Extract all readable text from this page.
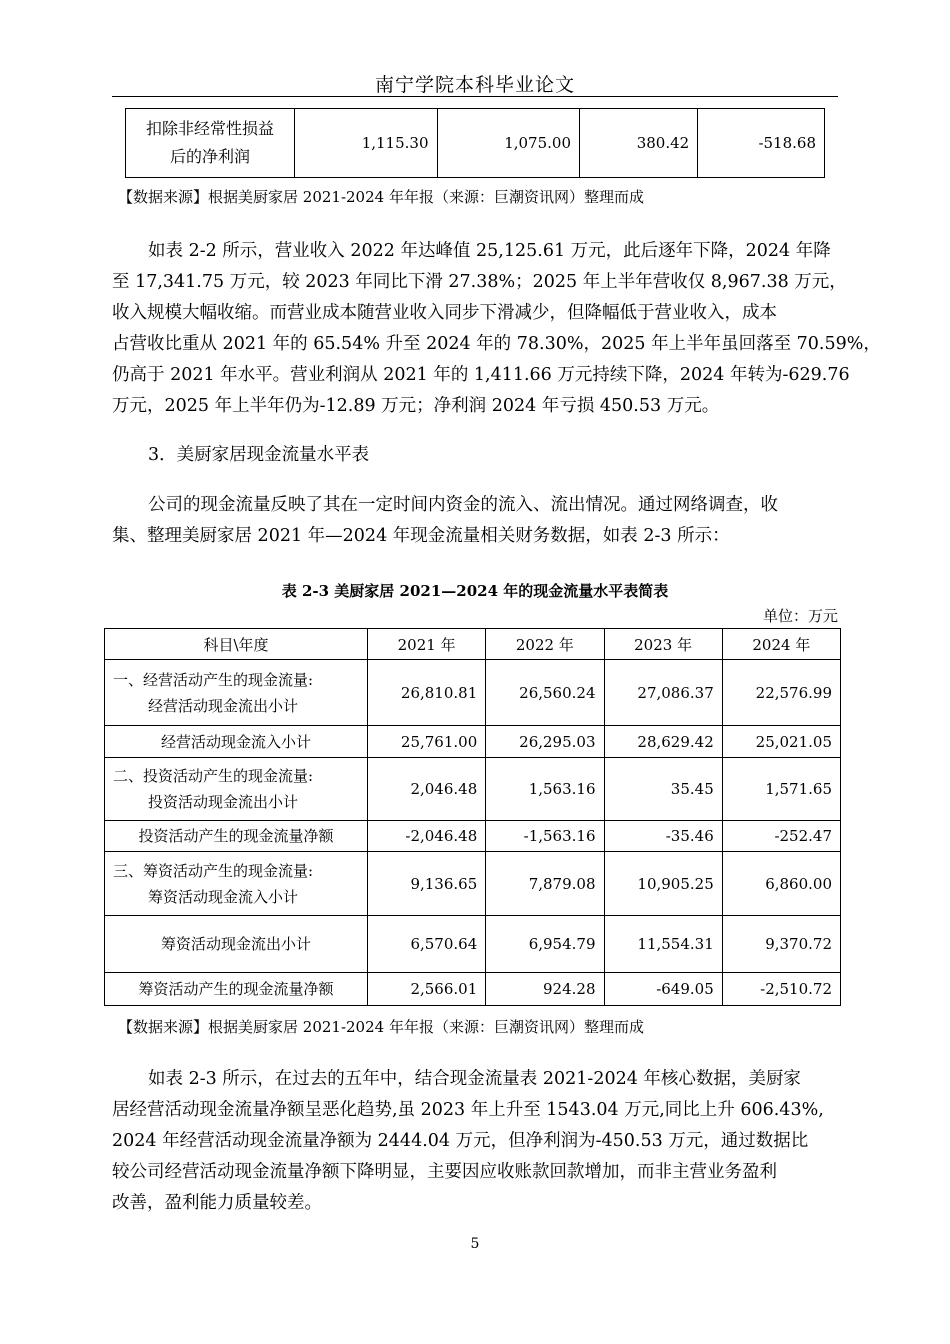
南宁学院本科毕业论文
扣除非经常性损益
后的净利润	1,115.30	1,075.00	380.42	-518.68
【数据来源】根据美厨家居 2021-2024 年年报（来源：巨潮资讯网）整理而成
如表 2-2 所示，营业收入 2022 年达峰值 25,125.61 万元，此后逐年下降，2024 年降
至 17,341.75 万元，较 2023 年同比下滑 27.38%；2025 年上半年营收仅 8,967.38 万元，
收入规模大幅收缩。而营业成本随营业收入同步下滑减少，但降幅低于营业收入，成本
占营收比重从 2021 年的 65.54% 升至 2024 年的 78.30%，2025 年上半年虽回落至 70.59%，
仍高于 2021 年水平。营业利润从 2021 年的 1,411.66 万元持续下降，2024 年转为-629.76
万元，2025 年上半年仍为-12.89 万元；净利润 2024 年亏损 450.53 万元。
3．美厨家居现金流量水平表
公司的现金流量反映了其在一定时间内资金的流入、流出情况。通过网络调查，收
集、整理美厨家居 2021 年—2024 年现金流量相关财务数据，如表 2-3 所示：
表 2-3 美厨家居 2021—2024 年的现金流量水平表简表
单位：万元
科目\年度	2021 年	2022 年	2023 年	2024 年
一、经营活动产生的现金流量:
经营活动现金流出小计	26,810.81	26,560.24	27,086.37	22,576.99
经营活动现金流入小计	25,761.00	26,295.03	28,629.42	25,021.05
二、投资活动产生的现金流量:
投资活动现金流出小计	2,046.48	1,563.16	35.45	1,571.65
投资活动产生的现金流量净额	-2,046.48	-1,563.16	-35.46	-252.47
三、筹资活动产生的现金流量:
筹资活动现金流入小计	9,136.65	7,879.08	10,905.25	6,860.00
筹资活动现金流出小计	6,570.64	6,954.79	11,554.31	9,370.72
筹资活动产生的现金流量净额	2,566.01	924.28	-649.05	-2,510.72
【数据来源】根据美厨家居 2021-2024 年年报（来源：巨潮资讯网）整理而成
如表 2-3 所示，在过去的五年中，结合现金流量表 2021-2024 年核心数据，美厨家
居经营活动现金流量净额呈恶化趋势,虽 2023 年上升至 1543.04 万元,同比上升 606.43%,
2024 年经营活动现金流量净额为 2444.04 万元，但净利润为-450.53 万元，通过数据比
较公司经营活动现金流量净额下降明显，主要因应收账款回款增加，而非主营业务盈利
改善，盈利能力质量较差。
5
